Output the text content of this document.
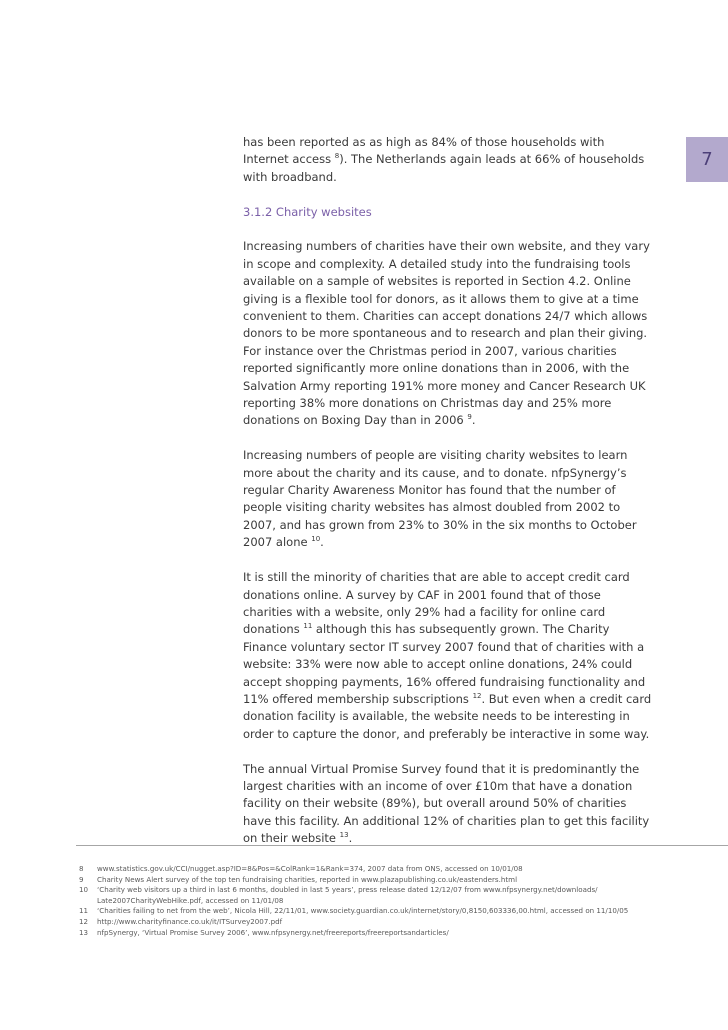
7

has been reported as as high as 84% of those households with Internet access $^8$). The Netherlands again leads at 66% of households with broadband.

3.1.2 Charity websites

Increasing numbers of charities have their own website, and they vary in scope and complexity. A detailed study into the fundraising tools available on a sample of websites is reported in Section 4.2. Online giving is a flexible tool for donors, as it allows them to give at a time convenient to them. Charities can accept donations 24/7 which allows donors to be more spontaneous and to research and plan their giving. For instance over the Christmas period in 2007, various charities reported significantly more online donations than in 2006, with the Salvation Army reporting 191% more money and Cancer Research UK reporting 38% more donations on Christmas day and 25% more donations on Boxing Day than in 2006 $^9$.

Increasing numbers of people are visiting charity websites to learn more about the charity and its cause, and to donate. nfpSynergy’s regular Charity Awareness Monitor has found that the number of people visiting charity websites has almost doubled from 2002 to 2007, and has grown from 23% to 30% in the six months to October 2007 alone $^{10}$.

It is still the minority of charities that are able to accept credit card donations online. A survey by CAF in 2001 found that of those charities with a website, only 29% had a facility for online card donations $^{11}$ although this has subsequently grown. The Charity Finance voluntary sector IT survey 2007 found that of charities with a website: 33% were now able to accept online donations, 24% could accept shopping payments, 16% offered fundraising functionality and 11% offered membership subscriptions $^{12}$. But even when a credit card donation facility is available, the website needs to be interesting in order to capture the donor, and preferably be interactive in some way.

The annual Virtual Promise Survey found that it is predominantly the largest charities with an income of over £10m that have a donation facility on their website (89%), but overall around 50% of charities have this facility. An additional 12% of charities plan to get this facility on their website $^{13}$.

8	www.statistics.gov.uk/CCI/nugget.asp?ID=8&Pos=&ColRank=1&Rank=374, 2007 data from ONS, accessed on 10/01/08
9	Charity News Alert survey of the top ten fundraising charities, reported in www.plazapublishing.co.uk/eastenders.html
10	‘Charity web visitors up a third in last 6 months, doubled in last 5 years’, press release dated 12/12/07 from www.nfpsynergy.net/downloads/ Late2007CharityWebHike.pdf, accessed on 11/01/08
11	‘Charities failing to net from the web’, Nicola Hill, 22/11/01, www.society.guardian.co.uk/internet/story/0,8150,603336,00.html, accessed on 11/10/05
12	http://www.charityfinance.co.uk/it/ITSurvey2007.pdf
13	nfpSynergy, ‘Virtual Promise Survey 2006’, www.nfpsynergy.net/freereports/freereportsandarticles/
